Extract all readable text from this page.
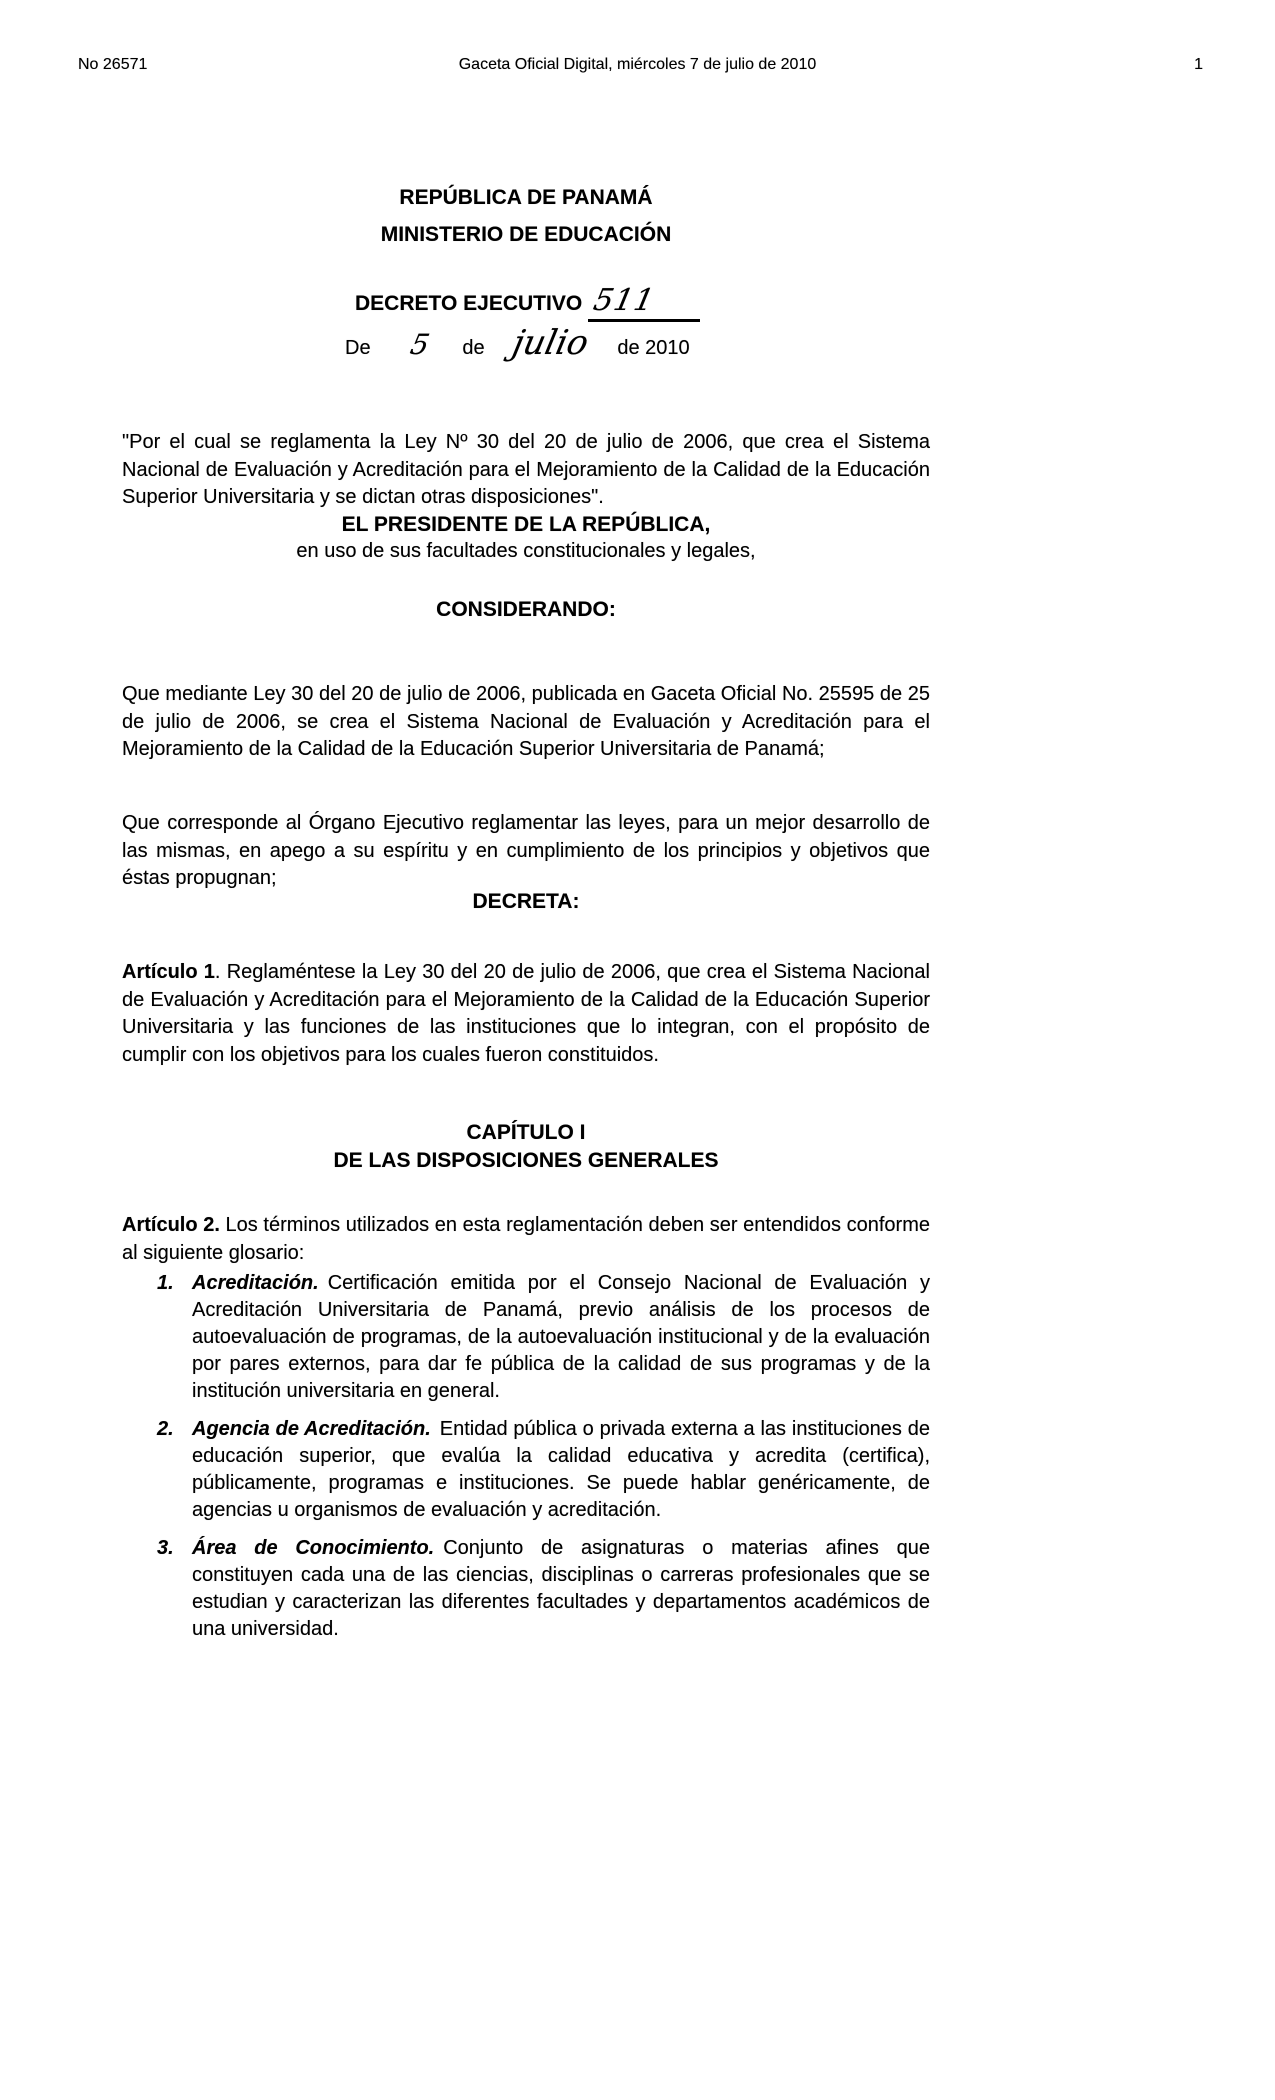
No 26571	Gaceta Oficial Digital, miércoles 7 de julio de 2010	1
REPÚBLICA DE PANAMÁ
MINISTERIO DE EDUCACIÓN
DECRETO EJECUTIVO 511
De 5 de julio de 2010

"Por el cual se reglamenta la Ley Nº 30 del 20 de julio de 2006, que crea el Sistema Nacional de Evaluación y Acreditación para el Mejoramiento de la Calidad de la Educación Superior Universitaria y se dictan otras disposiciones".

EL PRESIDENTE DE LA REPÚBLICA,
en uso de sus facultades constitucionales y legales,
CONSIDERANDO:

Que mediante Ley 30 del 20 de julio de 2006, publicada en Gaceta Oficial No. 25595 de 25 de julio de 2006, se crea el Sistema Nacional de Evaluación y Acreditación para el Mejoramiento de la Calidad de la Educación Superior Universitaria de Panamá;

Que corresponde al Órgano Ejecutivo reglamentar las leyes, para un mejor desarrollo de las mismas, en apego a su espíritu y en cumplimiento de los principios y objetivos que éstas propugnan;

DECRETA:

Artículo 1. Reglaméntese la Ley 30 del 20 de julio de 2006, que crea el Sistema Nacional de Evaluación y Acreditación para el Mejoramiento de la Calidad de la Educación Superior Universitaria y las funciones de las instituciones que lo integran, con el propósito de cumplir con los objetivos para los cuales fueron constituidos.

CAPÍTULO I
DE LAS DISPOSICIONES GENERALES

Artículo 2. Los términos utilizados en esta reglamentación deben ser entendidos conforme al siguiente glosario:

1. Acreditación. Certificación emitida por el Consejo Nacional de Evaluación y Acreditación Universitaria de Panamá, previo análisis de los procesos de autoevaluación de programas, de la autoevaluación institucional y de la evaluación por pares externos, para dar fe pública de la calidad de sus programas y de la institución universitaria en general.
2. Agencia de Acreditación. Entidad pública o privada externa a las instituciones de educación superior, que evalúa la calidad educativa y acredita (certifica), públicamente, programas e instituciones. Se puede hablar genéricamente, de agencias u organismos de evaluación y acreditación.
3. Área de Conocimiento. Conjunto de asignaturas o materias afines que constituyen cada una de las ciencias, disciplinas o carreras profesionales que se estudian y caracterizan las diferentes facultades y departamentos académicos de una universidad.
